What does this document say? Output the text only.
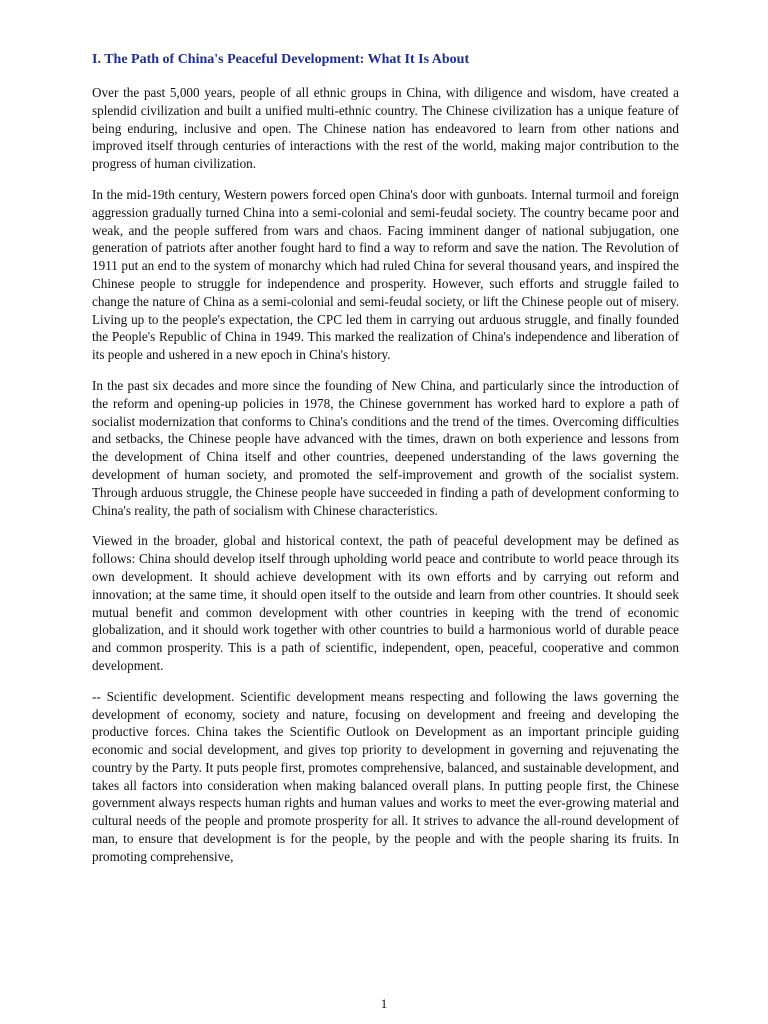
I. The Path of China's Peaceful Development: What It Is About

Over the past 5,000 years, people of all ethnic groups in China, with diligence and wisdom, have created a splendid civilization and built a unified multi-ethnic country. The Chinese civilization has a unique feature of being enduring, inclusive and open. The Chinese nation has endeavored to learn from other nations and improved itself through centuries of interactions with the rest of the world, making major contribution to the progress of human civilization.

In the mid-19th century, Western powers forced open China's door with gunboats. Internal turmoil and foreign aggression gradually turned China into a semi-colonial and semi-feudal society. The country became poor and weak, and the people suffered from wars and chaos. Facing imminent danger of national subjugation, one generation of patriots after another fought hard to find a way to reform and save the nation. The Revolution of 1911 put an end to the system of monarchy which had ruled China for several thousand years, and inspired the Chinese people to struggle for independence and prosperity. However, such efforts and struggle failed to change the nature of China as a semi-colonial and semi-feudal society, or lift the Chinese people out of misery. Living up to the people's expectation, the CPC led them in carrying out arduous struggle, and finally founded the People's Republic of China in 1949. This marked the realization of China's independence and liberation of its people and ushered in a new epoch in China's history.

In the past six decades and more since the founding of New China, and particularly since the introduction of the reform and opening-up policies in 1978, the Chinese government has worked hard to explore a path of socialist modernization that conforms to China's conditions and the trend of the times. Overcoming difficulties and setbacks, the Chinese people have advanced with the times, drawn on both experience and lessons from the development of China itself and other countries, deepened understanding of the laws governing the development of human society, and promoted the self-improvement and growth of the socialist system. Through arduous struggle, the Chinese people have succeeded in finding a path of development conforming to China's reality, the path of socialism with Chinese characteristics.

Viewed in the broader, global and historical context, the path of peaceful development may be defined as follows: China should develop itself through upholding world peace and contribute to world peace through its own development. It should achieve development with its own efforts and by carrying out reform and innovation; at the same time, it should open itself to the outside and learn from other countries. It should seek mutual benefit and common development with other countries in keeping with the trend of economic globalization, and it should work together with other countries to build a harmonious world of durable peace and common prosperity. This is a path of scientific, independent, open, peaceful, cooperative and common development.

-- Scientific development. Scientific development means respecting and following the laws governing the development of economy, society and nature, focusing on development and freeing and developing the productive forces. China takes the Scientific Outlook on Development as an important principle guiding economic and social development, and gives top priority to development in governing and rejuvenating the country by the Party. It puts people first, promotes comprehensive, balanced, and sustainable development, and takes all factors into consideration when making balanced overall plans. In putting people first, the Chinese government always respects human rights and human values and works to meet the ever-growing material and cultural needs of the people and promote prosperity for all. It strives to advance the all-round development of man, to ensure that development is for the people, by the people and with the people sharing its fruits. In promoting comprehensive,

1
